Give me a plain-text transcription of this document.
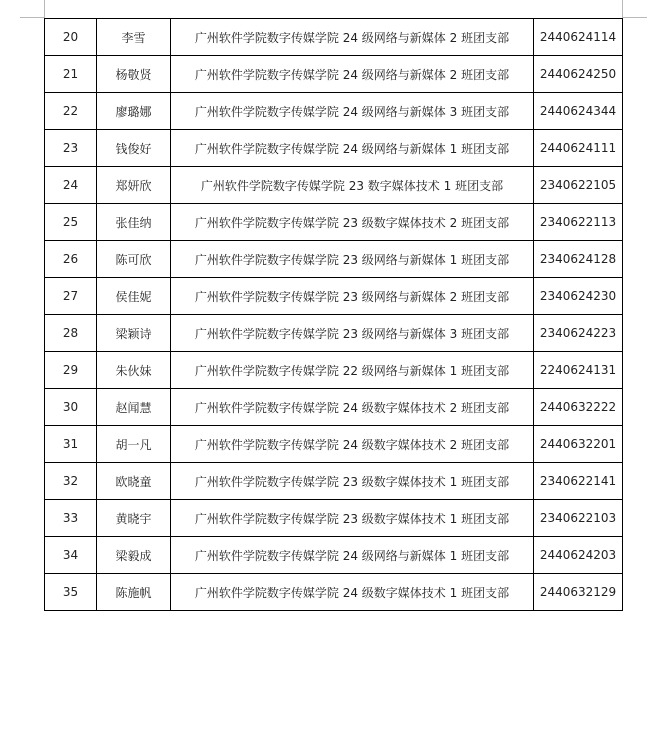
20	李雪	广州软件学院数字传媒学院 24 级网络与新媒体 2 班团支部	2440624114
21	杨敬贤	广州软件学院数字传媒学院 24 级网络与新媒体 2 班团支部	2440624250
22	廖璐娜	广州软件学院数字传媒学院 24 级网络与新媒体 3 班团支部	2440624344
23	钱俊好	广州软件学院数字传媒学院 24 级网络与新媒体 1 班团支部	2440624111
24	郑妍欣	广州软件学院数字传媒学院 23 数字媒体技术 1 班团支部	2340622105
25	张佳纳	广州软件学院数字传媒学院 23 级数字媒体技术 2 班团支部	2340622113
26	陈可欣	广州软件学院数字传媒学院 23 级网络与新媒体 1 班团支部	2340624128
27	侯佳妮	广州软件学院数字传媒学院 23 级网络与新媒体 2 班团支部	2340624230
28	梁颖诗	广州软件学院数字传媒学院 23 级网络与新媒体 3 班团支部	2340624223
29	朱伙妹	广州软件学院数字传媒学院 22 级网络与新媒体 1 班团支部	2240624131
30	赵闻慧	广州软件学院数字传媒学院 24 级数字媒体技术 2 班团支部	2440632222
31	胡一凡	广州软件学院数字传媒学院 24 级数字媒体技术 2 班团支部	2440632201
32	欧晓童	广州软件学院数字传媒学院 23 级数字媒体技术 1 班团支部	2340622141
33	黄晓宇	广州软件学院数字传媒学院 23 级数字媒体技术 1 班团支部	2340622103
34	梁毅成	广州软件学院数字传媒学院 24 级网络与新媒体 1 班团支部	2440624203
35	陈施帆	广州软件学院数字传媒学院 24 级数字媒体技术 1 班团支部	2440632129
